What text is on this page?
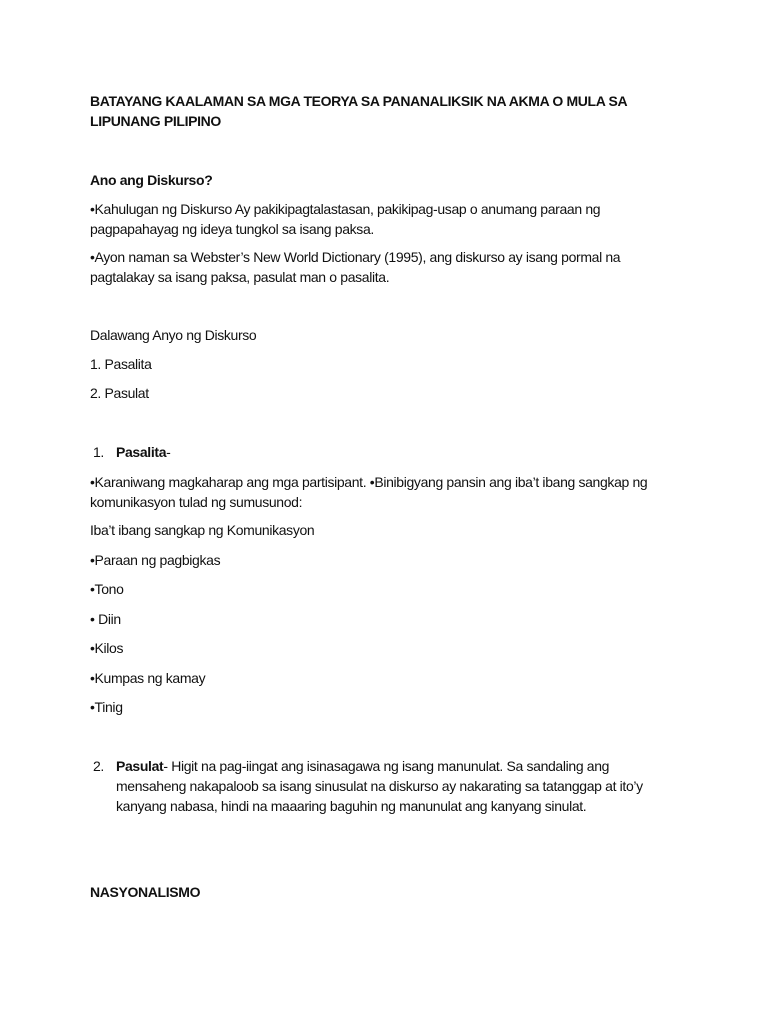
BATAYANG KAALAMAN SA MGA TEORYA SA PANANALIKSIK NA AKMA O MULA SA LIPUNANG PILIPINO
Ano ang Diskurso?
•Kahulugan ng Diskurso Ay pakikipagtalastasan, pakikipag-usap o anumang paraan ng pagpapahayag ng ideya tungkol sa isang paksa.
•Ayon naman sa Webster’s New World Dictionary (1995), ang diskurso ay isang pormal na pagtalakay sa isang paksa, pasulat man o pasalita.
Dalawang Anyo ng Diskurso
1. Pasalita
2. Pasulat
1. Pasalita-
•Karaniwang magkaharap ang mga partisipant. •Binibigyang pansin ang iba’t ibang sangkap ng komunikasyon tulad ng sumusunod:
Iba’t ibang sangkap ng Komunikasyon
•Paraan ng pagbigkas
•Tono
• Diin
•Kilos
•Kumpas ng kamay
•Tinig
2. Pasulat- Higit na pag-iingat ang isinasagawa ng isang manunulat. Sa sandaling ang mensaheng nakapaloob sa isang sinusulat na diskurso ay nakarating sa tatanggap at ito’y kanyang nabasa, hindi na maaaring baguhin ng manunulat ang kanyang sinulat.
NASYONALISMO
